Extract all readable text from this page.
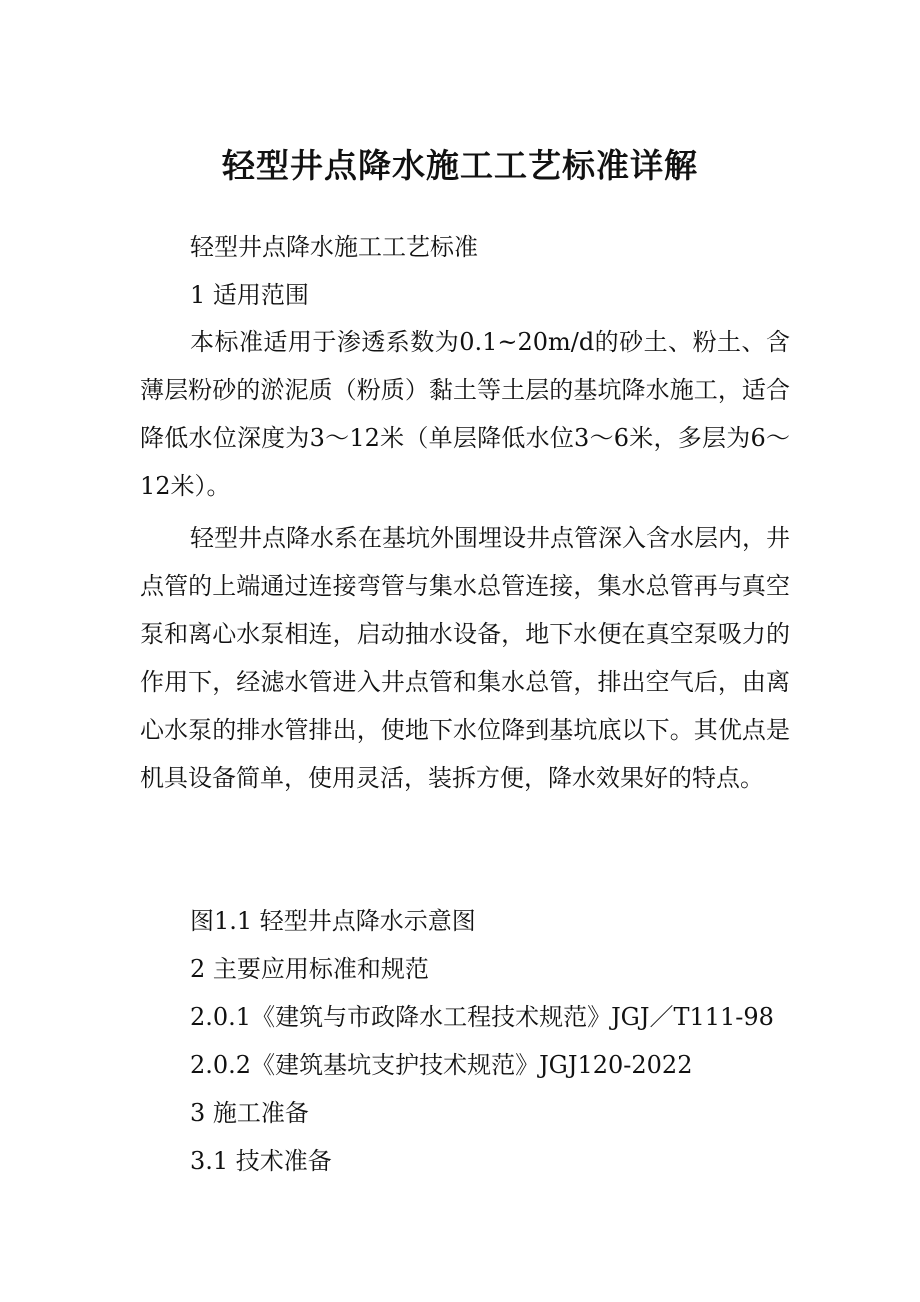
轻型井点降水施工工艺标准详解
轻型井点降水施工工艺标准
1 适用范围

本标准适用于渗透系数为0.1~20m/d的砂土、粉土、含薄层粉砂的淤泥质（粉质）黏土等土层的基坑降水施工，适合降低水位深度为3～12米（单层降低水位3～6米，多层为6～12米）。

轻型井点降水系在基坑外围埋设井点管深入含水层内，井点管的上端通过连接弯管与集水总管连接，集水总管再与真空泵和离心水泵相连，启动抽水设备，地下水便在真空泵吸力的作用下，经滤水管进入井点管和集水总管，排出空气后，由离心水泵的排水管排出，使地下水位降到基坑底以下。其优点是机具设备简单，使用灵活，装拆方便，降水效果好的特点。

图1.1 轻型井点降水示意图
2 主要应用标准和规范
2.0.1《建筑与市政降水工程技术规范》JGJ／T111-98
2.0.2《建筑基坑支护技术规范》JGJ120-2022
3 施工准备
3.1 技术准备
